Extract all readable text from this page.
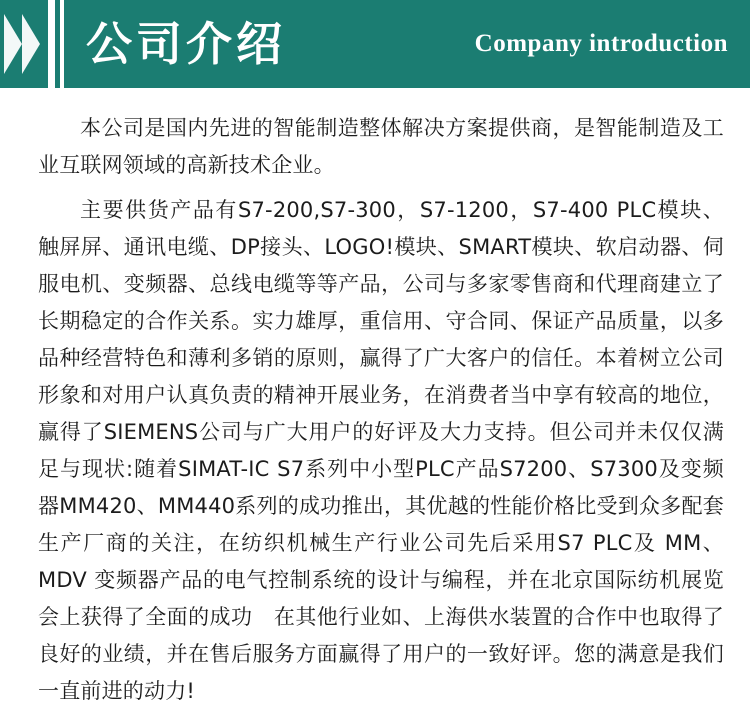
公司介绍	Company introduction

本公司是国内先进的智能制造整体解决方案提供商，是智能制造及工业互联网领域的高新技术企业。

主要供货产品有S7-200,S7-300，S7-1200，S7-400 PLC模块、触屏屏、通讯电缆、DP接头、LOGO!模块、SMART模块、软启动器、伺服电机、变频器、总线电缆等等产品，公司与多家零售商和代理商建立了长期稳定的合作关系。实力雄厚，重信用、守合同、保证产品质量，以多品种经营特色和薄利多销的原则，赢得了广大客户的信任。本着树立公司形象和对用户认真负责的精神开展业务，在消费者当中享有较高的地位，赢得了SIEMENS公司与广大用户的好评及大力支持。但公司并未仅仅满足与现状:随着SIMAT-IC S7系列中小型PLC产品S7200、S7300及变频器MM420、MM440系列的成功推出，其优越的性能价格比受到众多配套生产厂商的关注，在纺织机械生产行业公司先后采用S7 PLC及 MM、MDV 变频器产品的电气控制系统的设计与编程，并在北京国际纺机展览会上获得了全面的成功　在其他行业如、上海供水装置的合作中也取得了良好的业绩，并在售后服务方面赢得了用户的一致好评。您的满意是我们一直前进的动力!
